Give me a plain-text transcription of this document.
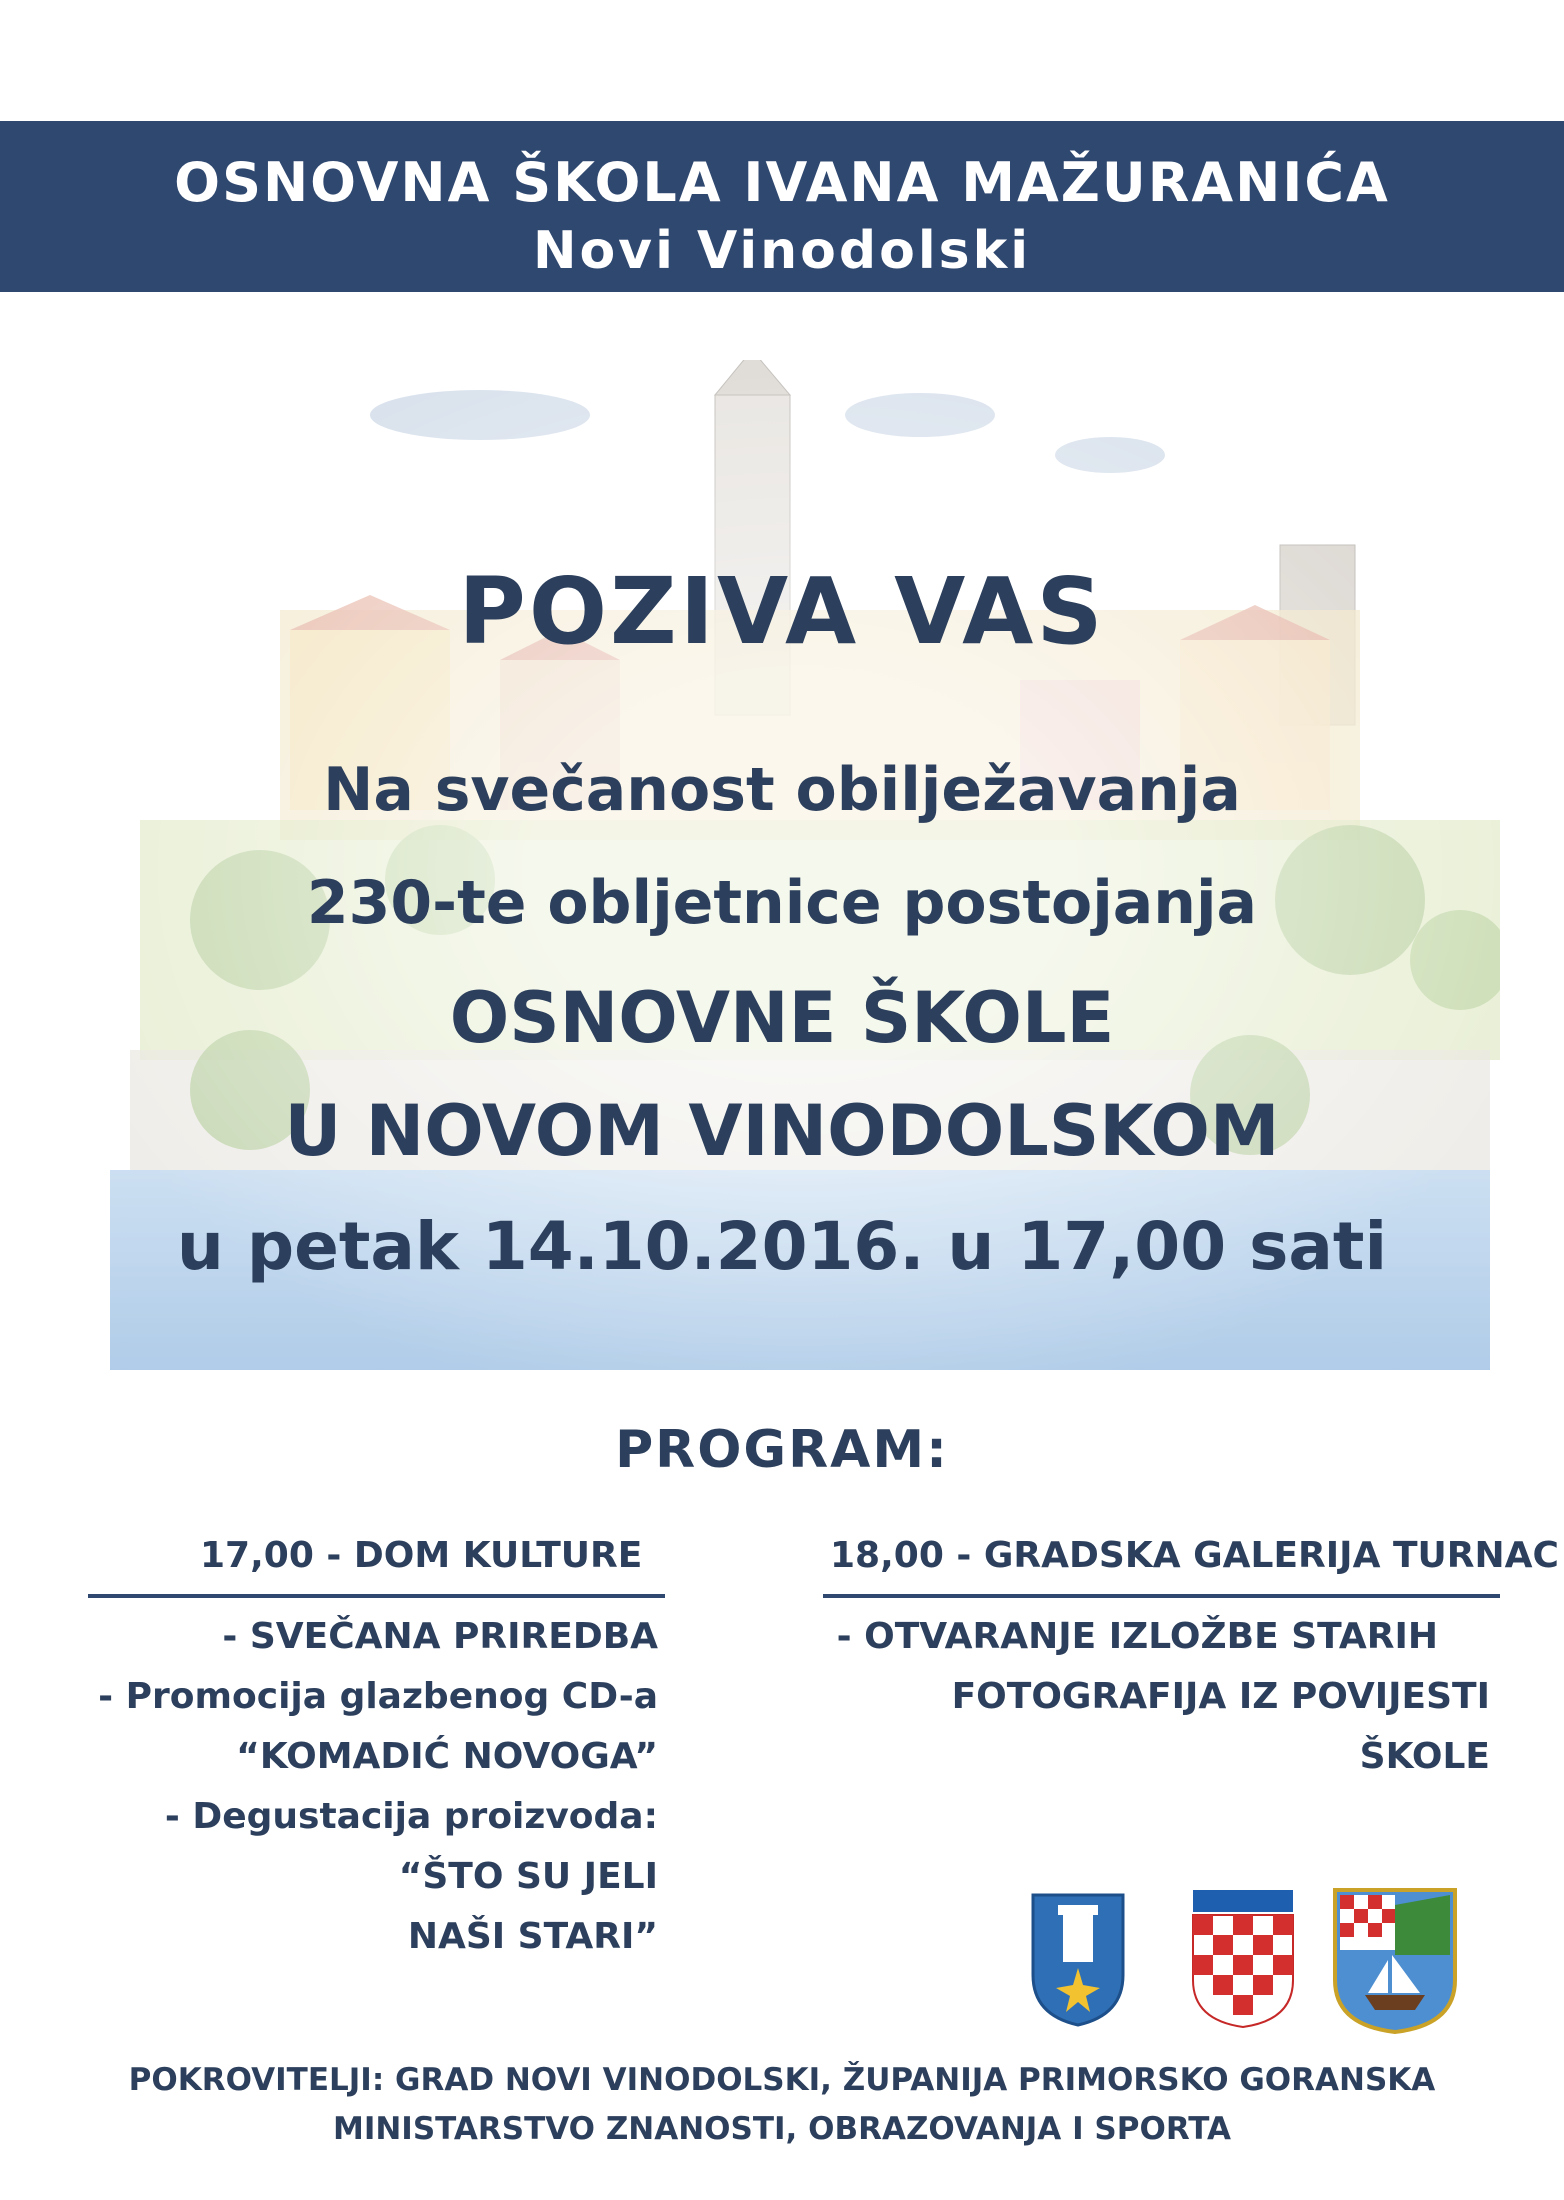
OSNOVNA ŠKOLA IVANA MAŽURANIĆA
Novi Vinodolski
POZIVA VAS
Na svečanost obilježavanja
230-te obljetnice postojanja
OSNOVNE ŠKOLE
U NOVOM VINODOLSKOM
u petak 14.10.2016. u 17,00 sati
PROGRAM:
17,00 - DOM KULTURE	18,00 - GRADSKA GALERIJA TURNAC
- SVEČANA PRIREDBA
- Promocija glazbenog CD-a
“KOMADIĆ NOVOGA”
- Degustacija proizvoda:
“ŠTO SU JELI
NAŠI STARI”
- OTVARANJE IZLOŽBE STARIH
FOTOGRAFIJA IZ POVIJESTI
ŠKOLE
POKROVITELJI: GRAD NOVI VINODOLSKI, ŽUPANIJA PRIMORSKO GORANSKA
MINISTARSTVO ZNANOSTI, OBRAZOVANJA I SPORTA
